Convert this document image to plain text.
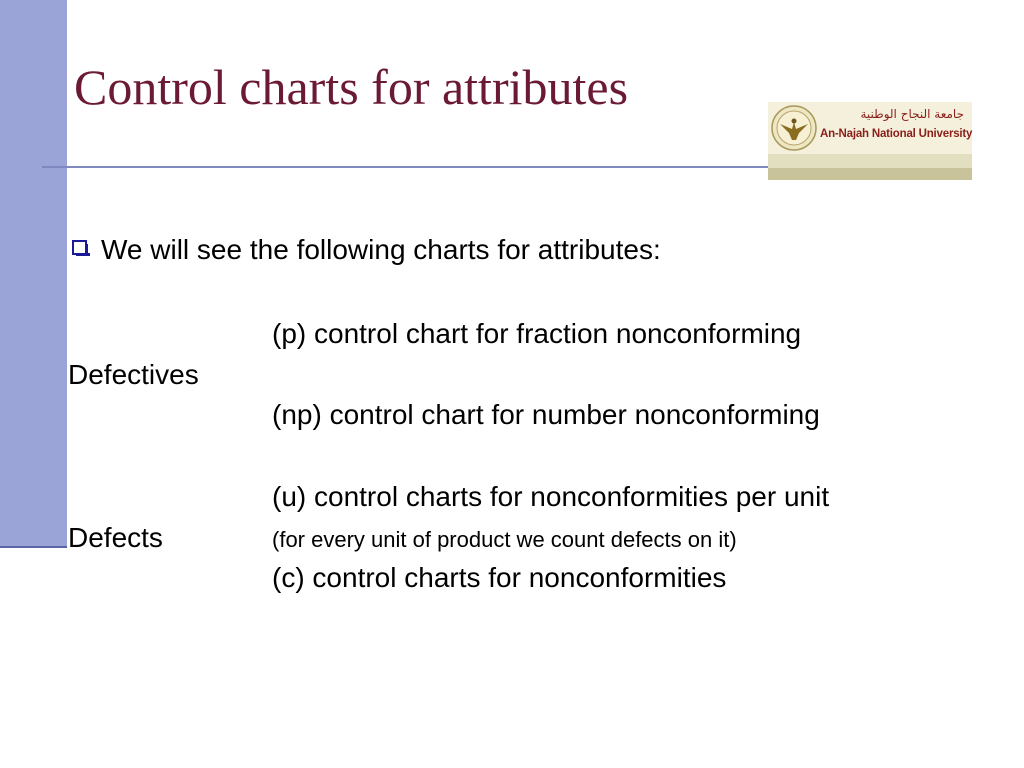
Control charts for attributes	جامعة النجاح الوطنية
An-Najah National University
We will see the following charts for attributes:
(p) control chart for fraction nonconforming
Defectives
(np) control chart for number nonconforming
(u) control charts for nonconformities per unit
Defects	(for every unit of product we count defects on it)
(c) control charts for nonconformities
